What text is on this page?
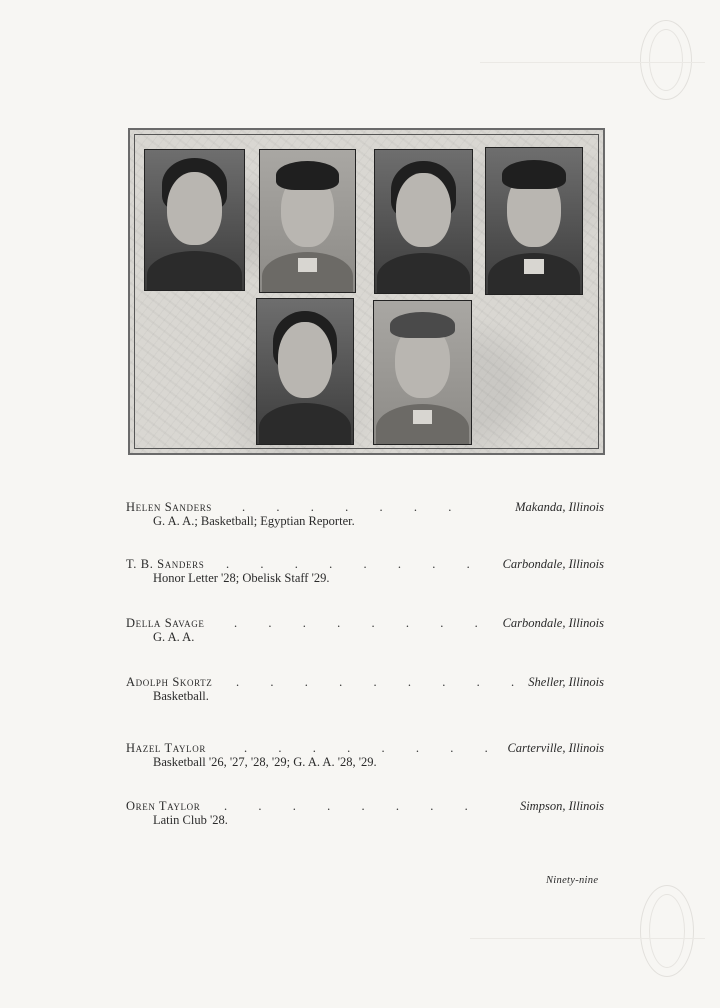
Helen Sanders .          .          .          .          .          .          .	Makanda, Illinois
G. A. A.; Basketball; Egyptian Reporter.
T. B. Sanders .          .          .          .          .          .          .          .	Carbondale, Illinois
Honor Letter '28; Obelisk Staff '29.
Della Savage .          .          .          .          .          .          .          . Carbondale, Illinois
G. A. A.
Adolph Skortz .          .          .          .          .          .          .          .          . Sheller, Illinois
Basketball.
Hazel Taylor	.          .          .          .          .          .          .          . Carterville, Illinois
Basketball '26, '27, '28, '29; G. A. A. '28, '29.
Oren Taylor .          .          .          .          .          .          .          .	Simpson, Illinois
Latin Club '28.
Ninety-nine
